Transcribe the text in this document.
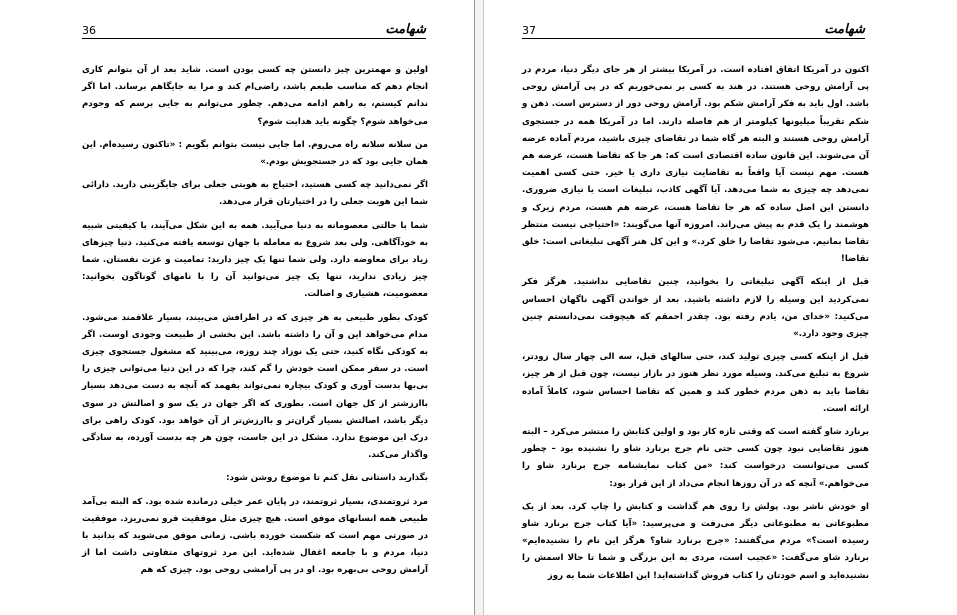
شهامت
36

اولین و مهمترین چیز دانستن چه کسی بودن است. شاید بعد از آن بتوانم کاری انجام دهم که مناسب طبعم باشد، راضی‌ام کند و مرا به جایگاهم برساند. اما اگر ندانم کیستم، به راهم ادامه می‌دهم. چطور می‌توانم به جایی برسم که وجودم می‌خواهد شوم؟ چگونه باید هدایت شوم؟

من سلانه سلانه راه می‌روم. اما جایی نیست بتوانم بگویم : «تاکنون رسیده‌ام. این همان جایی بود که در جستجویش بودم.»

اگر نمی‌دانید چه کسی هستید، احتیاج به هویتی جعلی برای جایگزینی دارید. دارائی شما این هویت جعلی را در اختیارتان قرار می‌دهد.

شما با حالتی معصومانه به دنیا می‌آیید. همه به این شکل می‌آیند، با کیفیتی شبیه به خودآگاهی. ولی بعد شروع به معامله با جهان توسعه یافته می‌کنید. دنیا چیزهای زیاد برای معاوضه دارد. ولی شما تنها یک چیز دارید: تمامیت و عزت نفستان. شما چیز زیادی ندارید، تنها یک چیز می‌توانید آن را با نامهای گوناگون بخوانید: معصومیت، هشیاری و اصالت.

کودک بطور طبیعی به هر چیزی که در اطرافش می‌بیند، بسیار علاقمند می‌شود. مدام می‌خواهد این و آن را داشته باشد. این بخشی از طبیعت وجودی اوست. اگر به کودکی نگاه کنید، حتی یک نوزاد چند روزه، می‌بینید که مشغول جستجوی چیزی است. در سفر ممکن است خودش را گم کند، چرا که در این دنیا می‌توانی چیزی را بی‌بها بدست آوری و کودک بیچاره نمی‌تواند بفهمد که آنچه به دست می‌دهد بسیار باارزشتر از کل جهان است. بطوری که اگر جهان در یک سو و اصالتش در سوی دیگر باشد، اصالتش بسیار گران‌تر و باارزش‌تر از آن خواهد بود. کودک راهی برای درک این موضوع ندارد. مشکل در این جاست، چون هر چه بدست آورده، به سادگی واگذار می‌کند.

بگذارید داستانی نقل کنم تا موضوع روشن شود:

مرد ثروتمندی، بسیار ثروتمند، در پایان عمر خیلی درمانده شده بود. که البته بی‌آمد طبیعی همه انسانهای موفق است. هیچ چیزی مثل موفقیت فرو نمی‌ریزد. موفقیت در صورتی مهم است که شکست خورده باشی. زمانی موفق می‌شوید که بدانید با دنیا، مردم و با جامعه اغفال شده‌اید. این مرد ثروتهای متفاوتی داشت اما از آرامش روحی بی‌بهره بود. او در پی آرامشی روحی بود. چیزی که هم

شهامت
37

اکنون در آمریکا اتفاق افتاده است. در آمریکا بیشتر از هر جای دیگر دنیا، مردم در پی آرامش روحی هستند. در هند به کسی بر نمی‌خوریم که در پی آرامش روحی باشد. اول باید به فکر آرامش شکم بود. آرامش روحی دور از دسترس است. ذهن و شکم تقریباً میلیونها کیلومتر از هم فاصله دارند. اما در آمریکا همه در جستجوی آرامش روحی هستند و البته هر گاه شما در تقاضای چیزی باشید، مردم آماده عرضه آن می‌شوند. این قانون ساده اقتصادی است که: هر جا که تقاضا هست، عرضه هم هست. مهم نیست آیا واقعاً به تقاضایت نیازی داری یا خیر. حتی کسی اهمیت نمی‌دهد چه چیزی به شما می‌دهد. آیا آگهی کاذب، تبلیغات است یا نیازی ضروری. دانستن این اصل ساده که هر جا تقاضا هست، عرضه هم هست، مردم زیرک و هوشمند را یک قدم به پیش می‌راند. امروزه آنها می‌گویند: «احتیاجی نیست منتظر تقاضا بمانیم. می‌شود تقاضا را خلق کرد.» و این کل هنر آگهی تبلیغاتی است: خلق تقاضا!

قبل از اینکه آگهی تبلیغاتی را بخوانید، چنین تقاضایی نداشتید. هرگز فکر نمی‌کردید این وسیله را لازم داشته باشید. بعد از خواندن آگهی ناگهان احساس می‌کنید: «خدای من، یادم رفته بود. چقدر احمقم که هیچوقت نمی‌دانستم چنین چیزی وجود دارد.»

قبل از اینکه کسی چیزی تولید کند، حتی سالهای قبل، سه الی چهار سال زودتر، شروع به تبلیغ می‌کند. وسیله مورد نظر هنوز در بازار نیست، چون قبل از هر چیز، تقاضا باید به ذهن مردم خطور کند و همین که تقاضا احساس شود، کاملاً آماده ارائه است.

برنارد شاو گفته است که وقتی تازه کار بود و اولین کتابش را منتشر می‌کرد – البته هنوز تقاضایی نبود چون کسی حتی نام جرج برنارد شاو را نشنیده بود – چطور کسی می‌توانست درخواست کند: «من کتاب نمایشنامه جرج برنارد شاو را می‌خواهم.» آنچه که در آن روزها انجام می‌داد از این قرار بود:

او خودش ناشر بود. پولش را روی هم گذاشت و کتابش را چاپ کرد. بعد از یک مطبوعاتی به مطبوعاتی دیگر می‌رفت و می‌پرسید: «آیا کتاب جرج برنارد شاو رسیده است؟» مردم می‌گفتند: «جرج برنارد شاو؟ هرگز این نام را نشنیده‌ایم» برنارد شاو می‌گفت: «عجیب است، مردی به این بزرگی و شما تا حالا اسمش را نشنیده‌اید و اسم خودتان را کتاب فروش گذاشته‌اید! این اطلاعات شما به روز
